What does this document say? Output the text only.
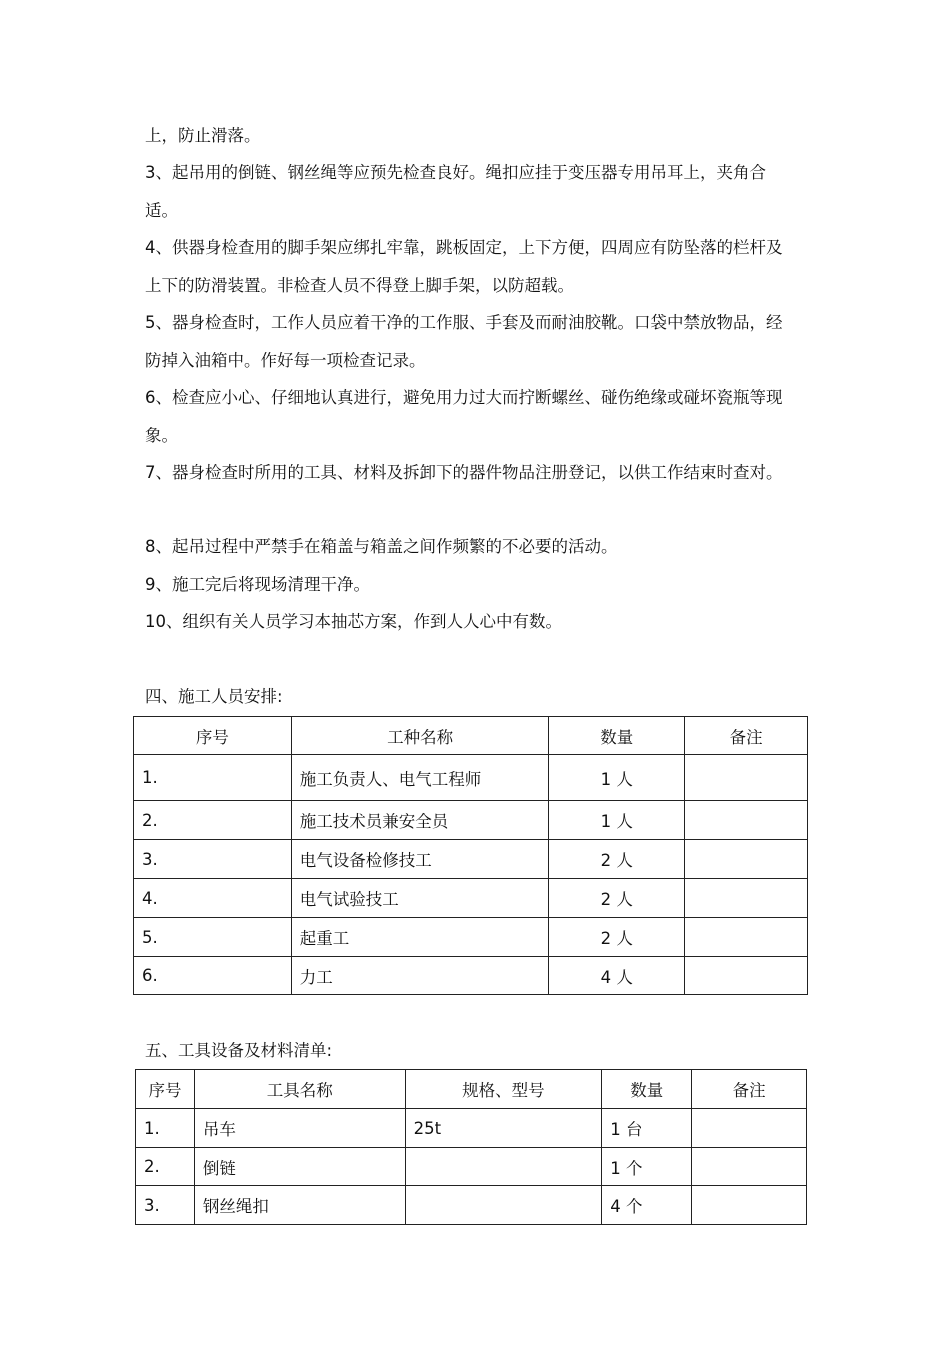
上，防止滑落。

3、起吊用的倒链、钢丝绳等应预先检查良好。绳扣应挂于变压器专用吊耳上，夹角合适。

4、供器身检查用的脚手架应绑扎牢靠，跳板固定，上下方便，四周应有防坠落的栏杆及上下的防滑装置。非检查人员不得登上脚手架，以防超载。

5、器身检查时，工作人员应着干净的工作服、手套及而耐油胶靴。口袋中禁放物品，经防掉入油箱中。作好每一项检查记录。

6、检查应小心、仔细地认真进行，避免用力过大而拧断螺丝、碰伤绝缘或碰坏瓷瓶等现象。

7、器身检查时所用的工具、材料及拆卸下的器件物品注册登记，以供工作结束时查对。

8、起吊过程中严禁手在箱盖与箱盖之间作频繁的不必要的活动。

9、施工完后将现场清理干净。

10、组织有关人员学习本抽芯方案，作到人人心中有数。

四、施工人员安排:

序号	工种名称	数量	备注
1.	施工负责人、电气工程师	1 人	
2.	施工技术员兼安全员	1 人	
3.	电气设备检修技工	2 人	
4.	电气试验技工	2 人	
5.	起重工	2 人	
6.	力工	4 人	

五、工具设备及材料清单:

序号	工具名称	规格、型号	数量	备注
1.	吊车	25t	1 台	
2.	倒链		1 个	
3.	钢丝绳扣		4 个	
